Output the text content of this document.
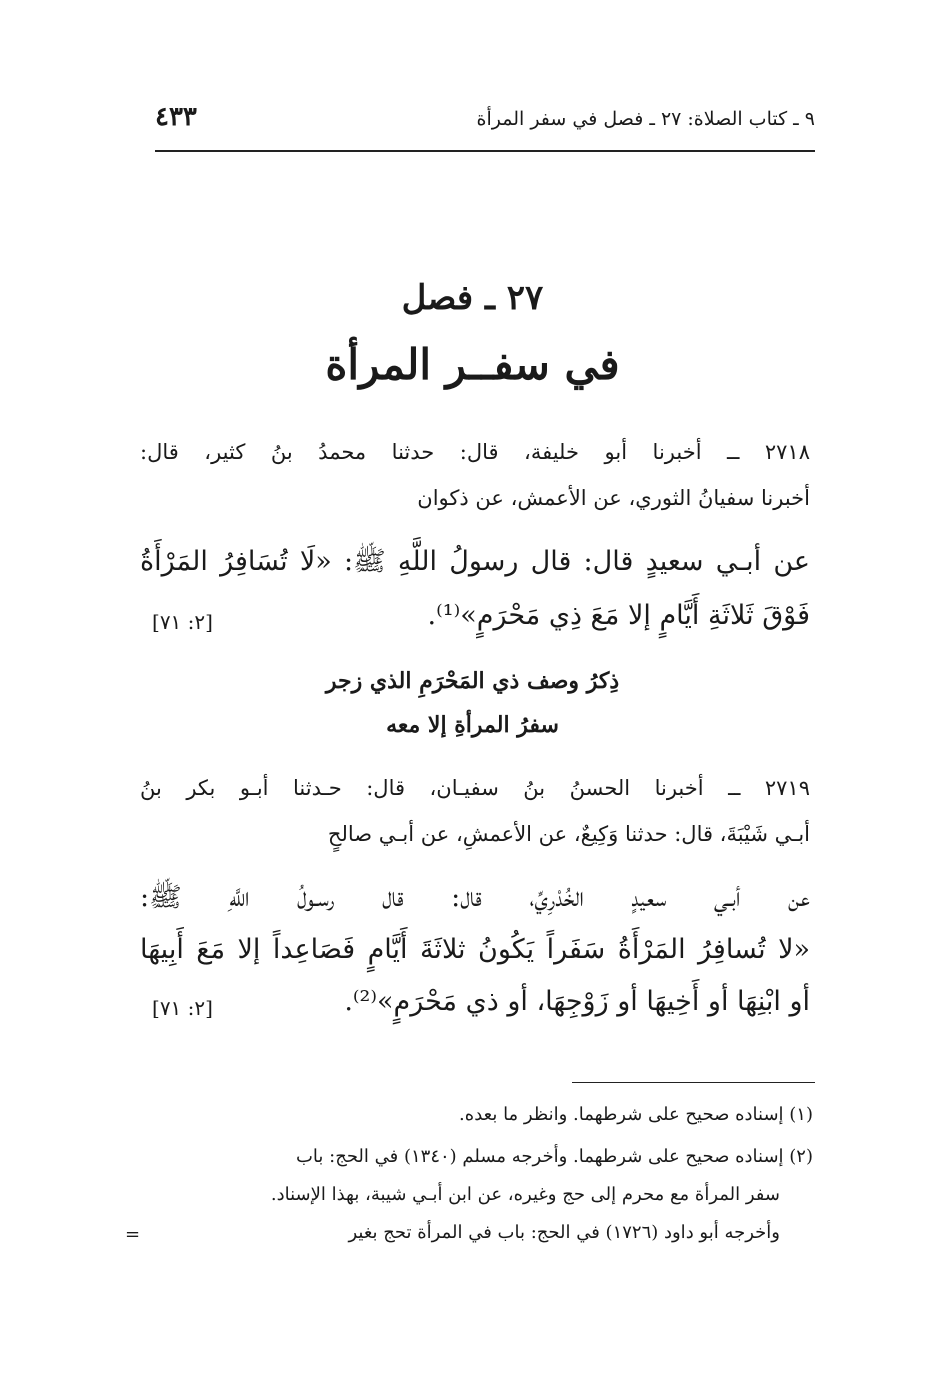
٩ ـ كتاب الصلاة: ٢٧ ـ فصل في سفر المرأة
٤٣٣
٢٧ ـ فصل
في سفــر المرأة
٢٧١٨ ــ أخبرنا أبو خليفة، قال: حدثنا محمدُ بنُ كثير، قال:
أخبرنا سفيانُ الثوري، عن الأعمش، عن ذكوان
عن أبـي سعيدٍ قال: قال رسولُ اللَّهِ ﷺ: «لَا تُسَافِرُ المَرْأَةُ
فَوْقَ ثَلاثَةِ أَيَّامٍ إلا مَعَ ذِي مَحْرَمٍ»⁽¹⁾.
[٢: ٧١]
ذِكرُ وصف ذي المَحْرَمِ الذي زجر
سفرُ المرأةِ إلا معه
٢٧١٩ ــ أخبرنا الحسنُ بنُ سفيـان، قال: حـدثنا أبـو بكر بنُ
أبـي شَيْبَةَ، قال: حدثنا وَكِيعٌ، عن الأعمشِ، عن أبـي صالحٍ
عن أبـي سعيدٍ الخُدْرِيِّ، قال: قال رسـولُ اللَّهِ ﷺ:
«لا تُسافِرُ المَرْأَةُ سَفَراً يَكُونُ ثلاثَةَ أَيَّامٍ فَصَاعِداً إلا مَعَ أَبِيهَا
أو ابْنِهَا أو أَخِيهَا أو زَوْجِهَا، أو ذي مَحْرَمٍ»⁽²⁾.
[٢: ٧١]
(١) إسناده صحيح على شرطهما. وانظر ما بعده.
(٢) إسناده صحيح على شرطهما. وأخرجه مسلم (١٣٤٠) في الحج: باب
سفر المرأة مع محرم إلى حج وغيره، عن ابن أبـي شيبة، بهذا الإسناد.
وأخرجه أبو داود (١٧٢٦) في الحج: باب في المرأة تحج بغير
=
